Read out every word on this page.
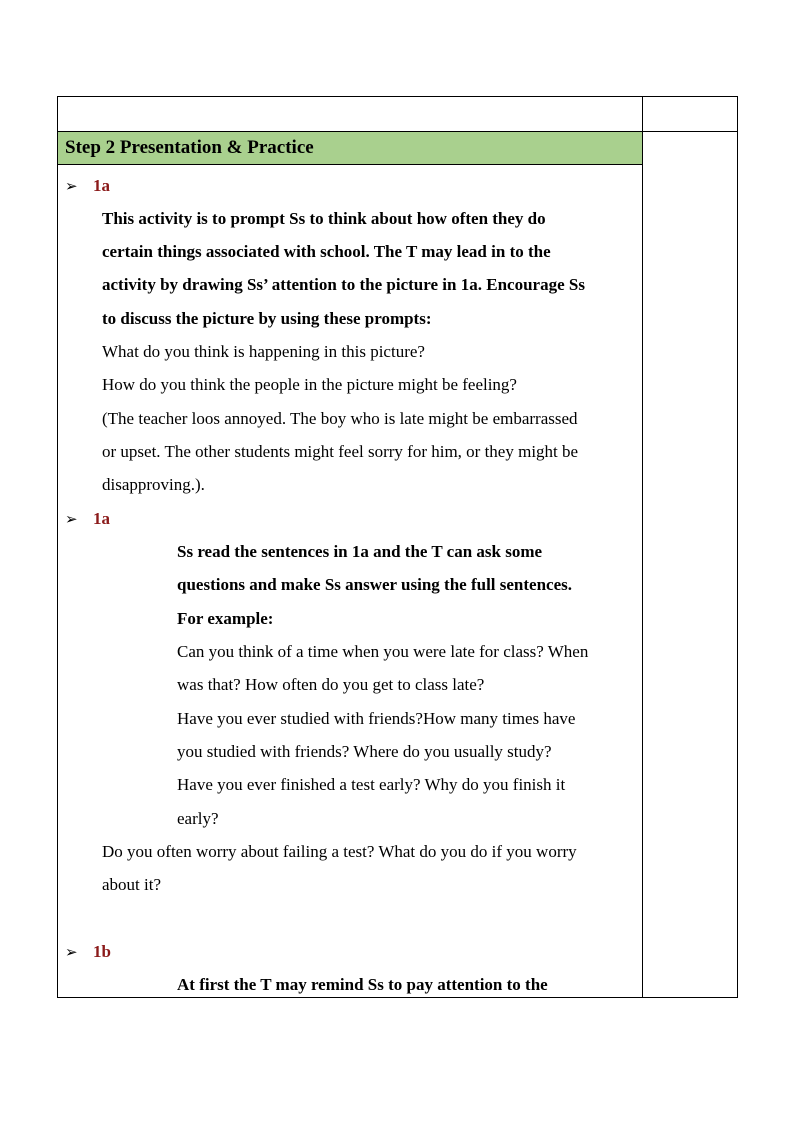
Step 2 Presentation & Practice
➢ 1a
This activity is to prompt Ss to think about how often they do
certain things associated with school. The T may lead in to the
activity by drawing Ss’ attention to the picture in 1a. Encourage Ss
to discuss the picture by using these prompts:
What do you think is happening in this picture?
How do you think the people in the picture might be feeling?
(The teacher loos annoyed. The boy who is late might be embarrassed
or upset. The other students might feel sorry for him, or they might be
disapproving.).
➢ 1a
Ss read the sentences in 1a and the T can ask some
questions and make Ss answer using the full sentences.
For example:
Can you think of a time when you were late for class? When
was that? How often do you get to class late?
Have you ever studied with friends?How many times have
you studied with friends? Where do you usually study?
Have you ever finished a test early? Why do you finish it
early?
Do you often worry about failing a test? What do you do if you worry
about it?
➢ 1b
At first the T may remind Ss to pay attention to the
